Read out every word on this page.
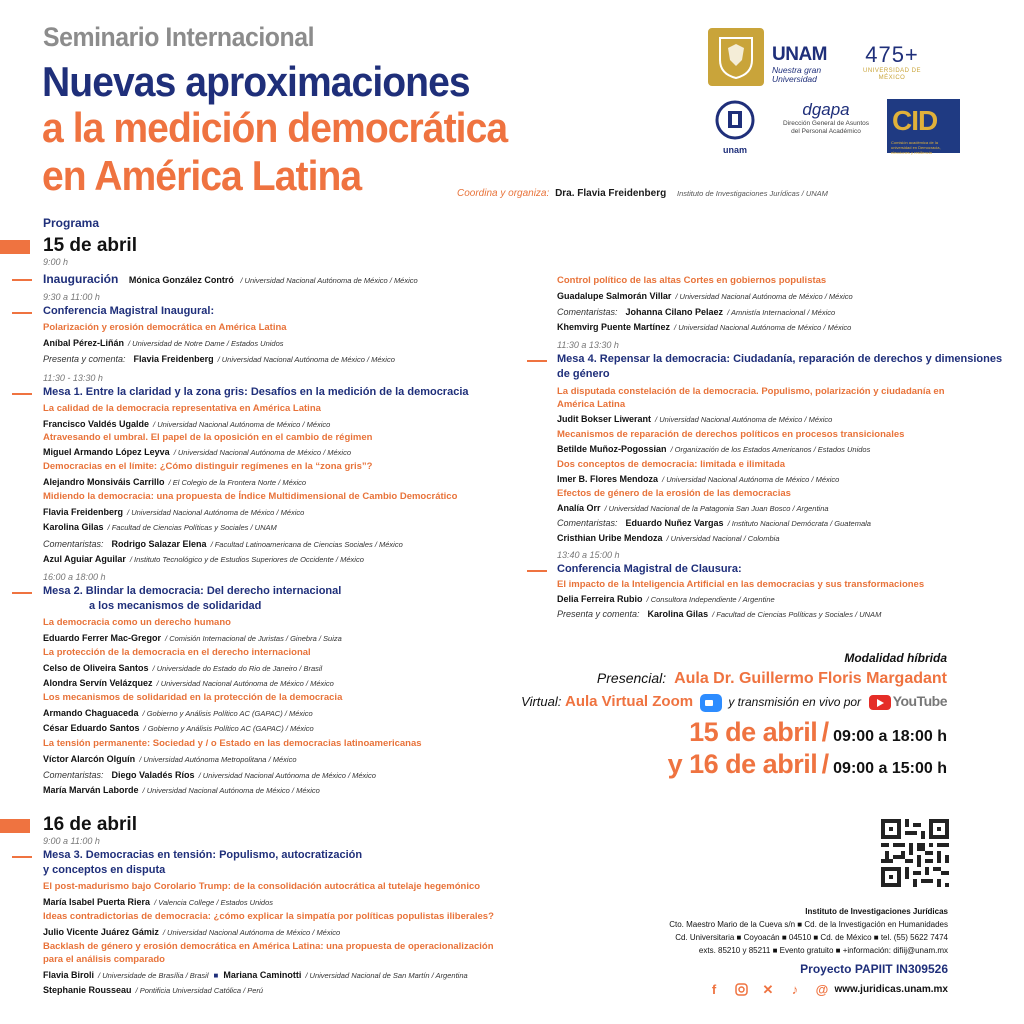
Seminario Internacional
Nuevas aproximaciones
a la medición democrática
en América Latina	Coordina y organiza: Dra. Flavia Freidenberg Instituto de Investigaciones Jurídicas / UNAM
UNAM
Nuestra gran Universidad
475+
UNIVERSIDAD DE MÉXICO
unam
dgapa
Dirección General de Asuntos del Personal Académico	CID
Comisión académica de la universidad en Democracia, elecciones y resiliencia
Programa
15 de abril
9:00 h
Inauguración Mónica González Contró / Universidad Nacional Autónoma de México / México
9:30 a 11:00 h
Conferencia Magistral Inaugural:
Polarización y erosión democrática en América Latina
Aníbal Pérez-Liñán / Universidad de Notre Dame / Estados Unidos
Presenta y comenta: Flavia Freidenberg / Universidad Nacional Autónoma de México / México
11:30 - 13:30 h
Mesa 1. Entre la claridad y la zona gris: Desafíos en la medición de la democracia
La calidad de la democracia representativa en América Latina
Francisco Valdés Ugalde / Universidad Nacional Autónoma de México / México
Atravesando el umbral. El papel de la oposición en el cambio de régimen
Miguel Armando López Leyva / Universidad Nacional Autónoma de México / México
Democracias en el límite: ¿Cómo distinguir regímenes en la “zona gris”?
Alejandro Monsiváis Carrillo / El Colegio de la Frontera Norte / México
Midiendo la democracia: una propuesta de Índice Multidimensional de Cambio Democrático
Flavia Freidenberg / Universidad Nacional Autónoma de México / México
Karolina Gilas / Facultad de Ciencias Políticas y Sociales / UNAM
Comentaristas: Rodrigo Salazar Elena / Facultad Latinoamericana de Ciencias Sociales / México
Azul Aguiar Aguilar / Instituto Tecnológico y de Estudios Superiores de Occidente / México
16:00 a 18:00 h
Mesa 2. Blindar la democracia: Del derecho internacional
a los mecanismos de solidaridad
La democracia como un derecho humano
Eduardo Ferrer Mac-Gregor / Comisión Internacional de Juristas / Ginebra / Suiza
La protección de la democracia en el derecho internacional
Celso de Oliveira Santos / Universidade do Estado do Rio de Janeiro / Brasil
Alondra Servín Velázquez / Universidad Nacional Autónoma de México / México
Los mecanismos de solidaridad en la protección de la democracia
Armando Chaguaceda / Gobierno y Análisis Político AC (GAPAC) / México
César Eduardo Santos / Gobierno y Análisis Político AC (GAPAC) / México
La tensión permanente: Sociedad y / o Estado en las democracias latinoamericanas
Víctor Alarcón Olguín / Universidad Autónoma Metropolitana / México
Comentaristas: Diego Valadés Ríos / Universidad Nacional Autónoma de México / México
María Marván Laborde / Universidad Nacional Autónoma de México / México
16 de abril
9:00 a 11:00 h
Mesa 3. Democracias en tensión: Populismo, autocratización
y conceptos en disputa
El post-madurismo bajo Corolario Trump: de la consolidación autocrática al tutelaje hegemónico
María Isabel Puerta Riera / Valencia College / Estados Unidos
Ideas contradictorias de democracia: ¿cómo explicar la simpatía por políticas populistas iliberales?
Julio Vicente Juárez Gámiz / Universidad Nacional Autónoma de México / México
Backlash de género y erosión democrática en América Latina: una propuesta de operacionalización
para el análisis comparado
Flavia Biroli / Universidade de Brasília / Brasil ■ Mariana Caminotti / Universidad Nacional de San Martín / Argentina
Stephanie Rousseau / Pontificia Universidad Católica / Perú
Control político de las altas Cortes en gobiernos populistas
Guadalupe Salmorán Villar / Universidad Nacional Autónoma de México / México
Comentaristas: Johanna Cilano Pelaez / Amnistía Internacional / México
Khemvirg Puente Martínez / Universidad Nacional Autónoma de México / México
11:30 a 13:30 h
Mesa 4. Repensar la democracia: Ciudadanía, reparación de derechos y dimensiones
de género
La disputada constelación de la democracia. Populismo, polarización y ciudadanía en
América Latina
Judit Bokser Liwerant / Universidad Nacional Autónoma de México / México
Mecanismos de reparación de derechos políticos en procesos transicionales
Betilde Muñoz-Pogossian / Organización de los Estados Americanos / Estados Unidos
Dos conceptos de democracia: limitada e ilimitada
Imer B. Flores Mendoza / Universidad Nacional Autónoma de México / México
Efectos de género de la erosión de las democracias
Analía Orr / Universidad Nacional de la Patagonia San Juan Bosco / Argentina
Comentaristas: Eduardo Nuñez Vargas / Instituto Nacional Demócrata / Guatemala
Cristhian Uribe Mendoza / Universidad Nacional / Colombia
13:40 a 15:00 h
Conferencia Magistral de Clausura:
El impacto de la Inteligencia Artificial en las democracias y sus transformaciones
Delia Ferreira Rubio / Consultora Independiente / Argentine
Presenta y comenta: Karolina Gilas / Facultad de Ciencias Políticas y Sociales / UNAM
Modalidad híbrida
Presencial: Aula Dr. Guillermo Floris Margadant
Virtual: Aula Virtual Zoom	y transmisión en vivo por YouTube
15 de abril / 09:00 a 18:00 h
y 16 de abril / 09:00 a 15:00 h
Instituto de Investigaciones Jurídicas
Cto. Maestro Mario de la Cueva s/n ■ Cd. de la Investigación en Humanidades
Cd. Universitaria ■ Coyoacán ■ 04510 ■ Cd. de México ■ tel. (55) 5622 7474
exts. 85210 y 85211 ■ Evento gratuito ■ +información: difiij@unam.mx
Proyecto PAPIIT IN309526
www.juridicas.unam.mx
f	✕ ♪ @
